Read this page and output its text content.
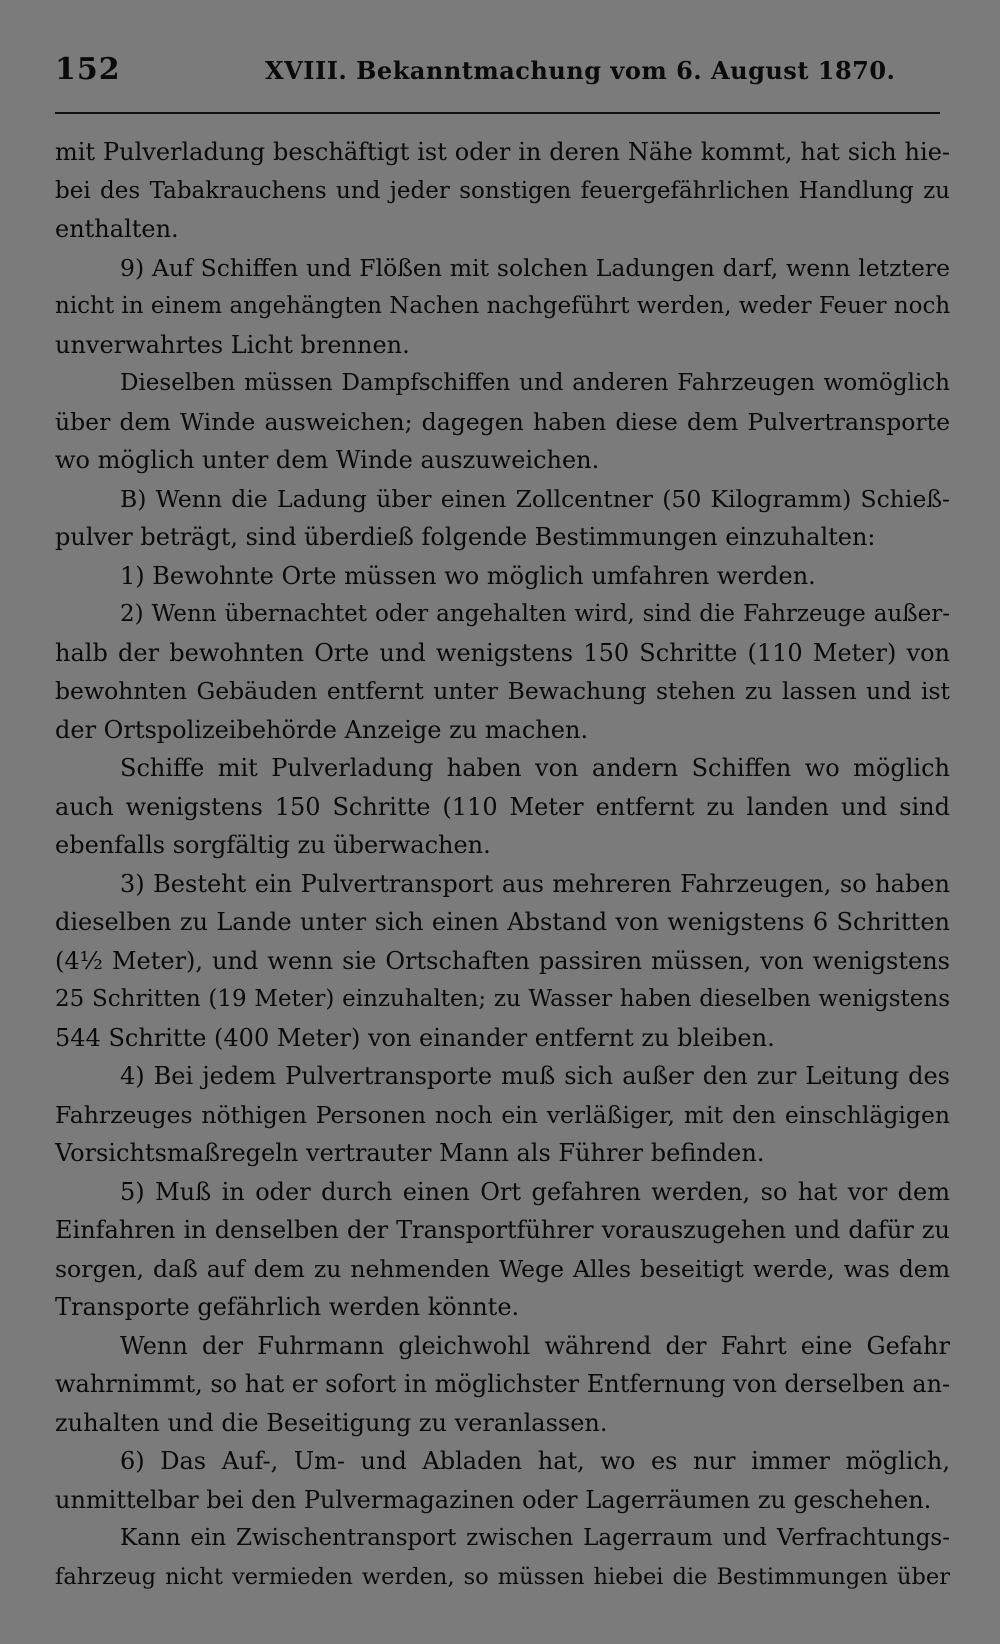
152	XVIII. Bekanntmachung vom 6. August 1870.
mit Pulverladung beschäftigt ist oder in deren Nähe kommt, hat sich hie-
bei des Tabakrauchens und jeder sonstigen feuergefährlichen Handlung zu
enthalten.
9) Auf Schiffen und Flößen mit solchen Ladungen darf, wenn letztere
nicht in einem angehängten Nachen nachgeführt werden, weder Feuer noch
unverwahrtes Licht brennen.
Dieselben müssen Dampfschiffen und anderen Fahrzeugen womöglich
über dem Winde ausweichen; dagegen haben diese dem Pulvertransporte
wo möglich unter dem Winde auszuweichen.
B) Wenn die Ladung über einen Zollcentner (50 Kilogramm) Schieß-
pulver beträgt, sind überdieß folgende Bestimmungen einzuhalten:
1) Bewohnte Orte müssen wo möglich umfahren werden.
2) Wenn übernachtet oder angehalten wird, sind die Fahrzeuge außer-
halb der bewohnten Orte und wenigstens 150 Schritte (110 Meter) von
bewohnten Gebäuden entfernt unter Bewachung stehen zu lassen und ist
der Ortspolizeibehörde Anzeige zu machen.
Schiffe mit Pulverladung haben von andern Schiffen wo möglich
auch wenigstens 150 Schritte (110 Meter entfernt zu landen und sind
ebenfalls sorgfältig zu überwachen.
3) Besteht ein Pulvertransport aus mehreren Fahrzeugen, so haben
dieselben zu Lande unter sich einen Abstand von wenigstens 6 Schritten
(4½ Meter), und wenn sie Ortschaften passiren müssen, von wenigstens
25 Schritten (19 Meter) einzuhalten; zu Wasser haben dieselben wenigstens
544 Schritte (400 Meter) von einander entfernt zu bleiben.
4) Bei jedem Pulvertransporte muß sich außer den zur Leitung des
Fahrzeuges nöthigen Personen noch ein verläßiger, mit den einschlägigen
Vorsichtsmaßregeln vertrauter Mann als Führer befinden.
5) Muß in oder durch einen Ort gefahren werden, so hat vor dem
Einfahren in denselben der Transportführer vorauszugehen und dafür zu
sorgen, daß auf dem zu nehmenden Wege Alles beseitigt werde, was dem
Transporte gefährlich werden könnte.
Wenn der Fuhrmann gleichwohl während der Fahrt eine Gefahr
wahrnimmt, so hat er sofort in möglichster Entfernung von derselben an-
zuhalten und die Beseitigung zu veranlassen.
6) Das Auf-, Um- und Abladen hat, wo es nur immer möglich,
unmittelbar bei den Pulvermagazinen oder Lagerräumen zu geschehen.
Kann ein Zwischentransport zwischen Lagerraum und Verfrachtungs-
fahrzeug nicht vermieden werden, so müssen hiebei die Bestimmungen über
